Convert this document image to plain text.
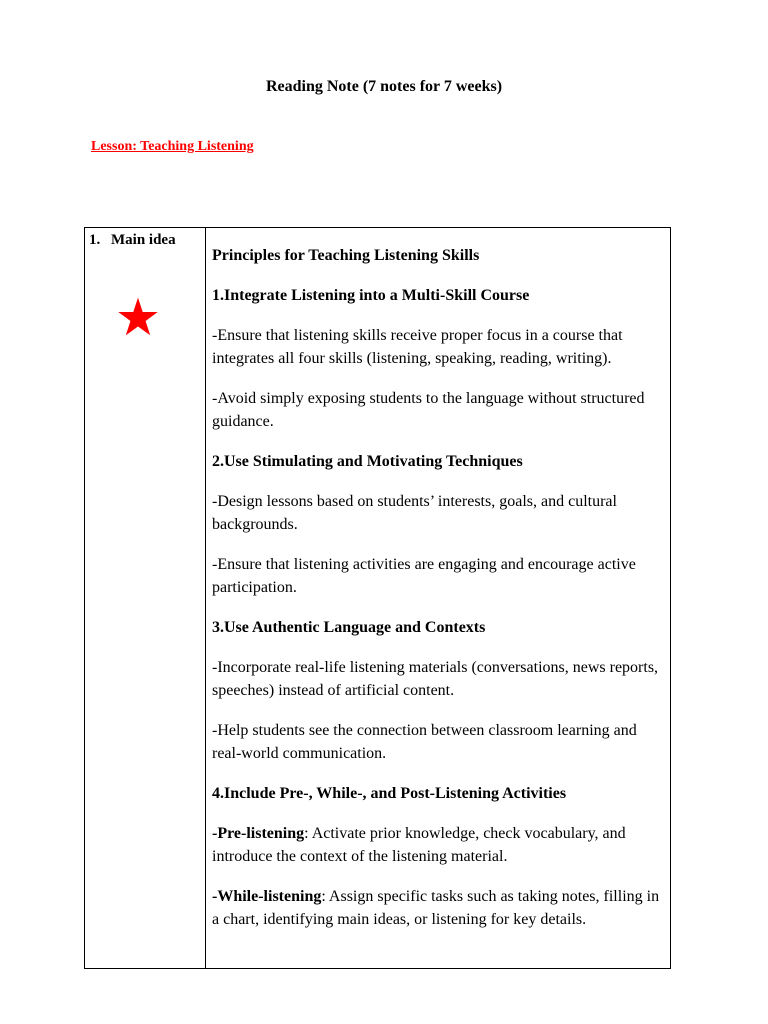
Reading Note (7 notes for 7 weeks)
Lesson: Teaching Listening
1. Main idea

Principles for Teaching Listening Skills

1.Integrate Listening into a Multi-Skill Course

-Ensure that listening skills receive proper focus in a course that integrates all four skills (listening, speaking, reading, writing).

-Avoid simply exposing students to the language without structured guidance.

2.Use Stimulating and Motivating Techniques

-Design lessons based on students’ interests, goals, and cultural backgrounds.

-Ensure that listening activities are engaging and encourage active participation.

3.Use Authentic Language and Contexts

-Incorporate real-life listening materials (conversations, news reports, speeches) instead of artificial content.

-Help students see the connection between classroom learning and real-world communication.

4.Include Pre-, While-, and Post-Listening Activities

-Pre-listening: Activate prior knowledge, check vocabulary, and introduce the context of the listening material.

-While-listening: Assign specific tasks such as taking notes, filling in a chart, identifying main ideas, or listening for key details.
